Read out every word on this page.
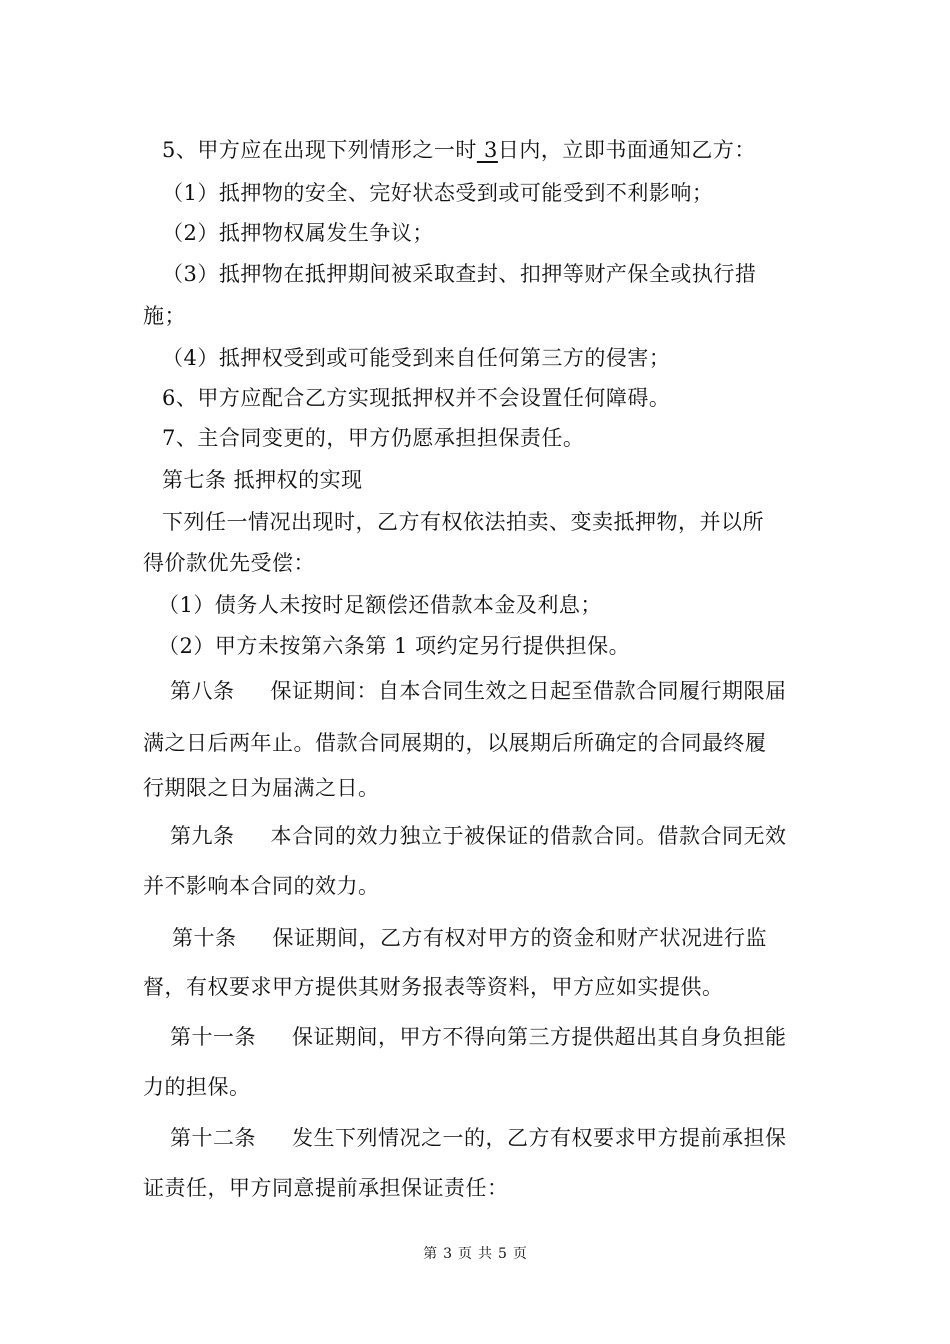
5、甲方应在出现下列情形之一时 3日内，立即书面通知乙方：
（1）抵押物的安全、完好状态受到或可能受到不利影响；
（2）抵押物权属发生争议；
（3）抵押物在抵押期间被采取查封、扣押等财产保全或执行措
施；
（4）抵押权受到或可能受到来自任何第三方的侵害；
6、甲方应配合乙方实现抵押权并不会设置任何障碍。
7、主合同变更的，甲方仍愿承担担保责任。
第七条 抵押权的实现
下列任一情况出现时，乙方有权依法拍卖、变卖抵押物，并以所
得价款优先受偿：
（1）债务人未按时足额偿还借款本金及利息；
（2）甲方未按第六条第 1 项约定另行提供担保。
第八条 保证期间：自本合同生效之日起至借款合同履行期限届
满之日后两年止。借款合同展期的，以展期后所确定的合同最终履
行期限之日为届满之日。
第九条 本合同的效力独立于被保证的借款合同。借款合同无效
并不影响本合同的效力。
第十条 保证期间，乙方有权对甲方的资金和财产状况进行监
督，有权要求甲方提供其财务报表等资料，甲方应如实提供。
第十一条 保证期间，甲方不得向第三方提供超出其自身负担能
力的担保。
第十二条 发生下列情况之一的，乙方有权要求甲方提前承担保
证责任，甲方同意提前承担保证责任：
第 3 页 共 5 页
